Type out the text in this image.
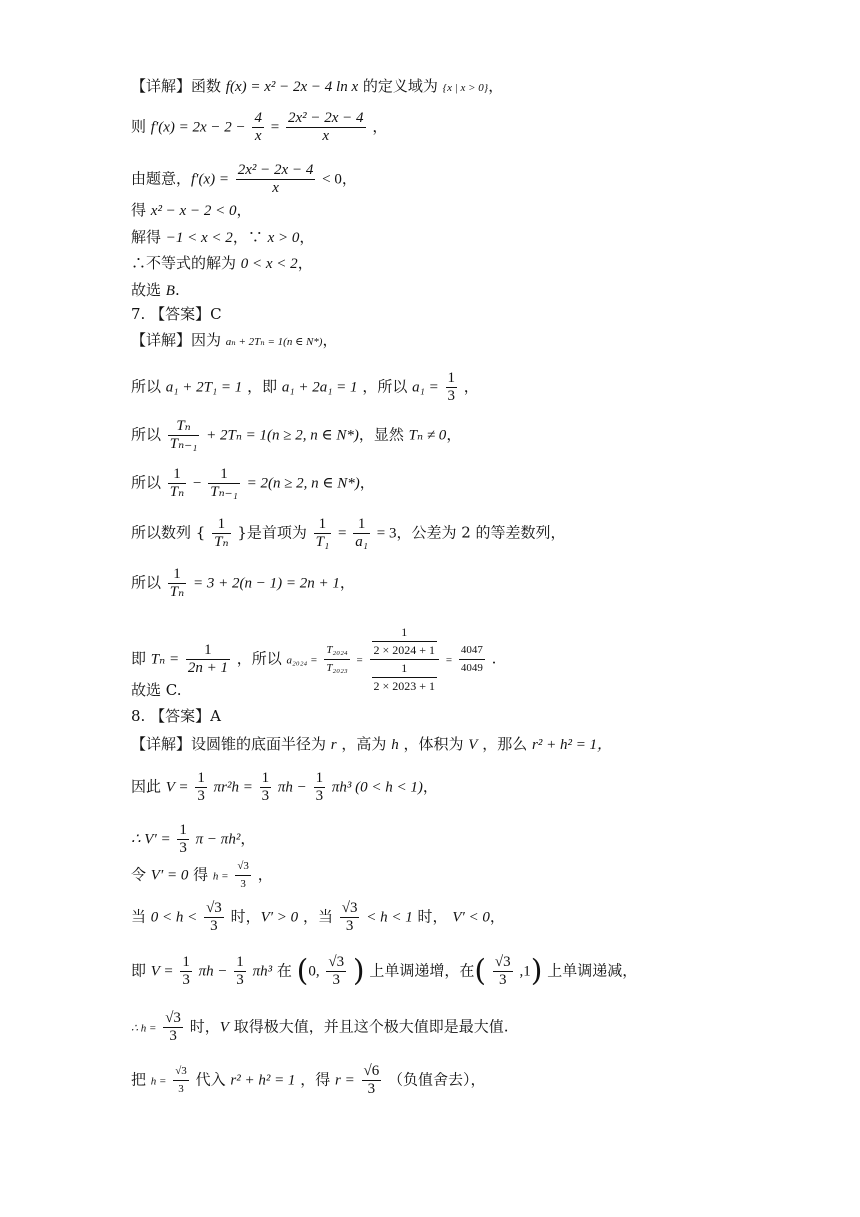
【详解】函数 f(x) = x² − 2x − 4 ln x 的定义域为 {x | x > 0}，
则 $f'(x) = 2x - 2 - \frac{4}{x} = \frac{\text{2x² − 2x − 4}}{x}$ ，
由题意，$f'(x) = \frac{\text{2x² − 2x − 4}}{x} < 0$，
得 x² − x − 2 < 0，
解得 −1 < x < 2，∵ x > 0，
∴不等式的解为 0 < x < 2，
故选 B.
7. 【答案】C
【详解】因为 aₙ + 2Tₙ = 1(n ∈ N*)，
所以 a₁ + 2T₁ = 1 ，即 a₁ + 2a₁ = 1 ，所以 $a_1 = \frac{1}{3}$ ，
所以 $\frac{\text{Tₙ}}{\text{Tₙ₋₁}} + 2T_n = 1(n \ge 2$, n ∈ N*)，显然 Tₙ ≠ 0，
所以 $\frac{1}{\text{Tₙ}} - \frac{1}{\text{Tₙ₋₁}} = 2(n \ge 2$, n ∈ N*)，
所以数列 { $\frac{1}{\text{Tₙ}}$ }是首项为 $\frac{1}{\text{T₁}} = \frac{1}{\text{a₁}} = 3$，公差为 2 的等差数列，
所以 $\frac{1}{\text{Tₙ}} = 3 + 2(n - 1) = 2n + 1$，
即 $T_n = \frac{1}{2n + 1}$ ，所以 $a_{2024} = \frac{\text{T₂₀₂₄}}{\text{T₂₀₂₃}} = \frac{\frac{1}{2 \times 2024 + 1}}{\frac{1}{2 \times 2023 + 1}} = \frac{4047}{4049}$ .
故选 C.
8. 【答案】A
【详解】设圆锥的底面半径为 r ，高为 h ，体积为 V ，那么 r² + h² = 1，
因此 $V = \frac{1}{3} \pi r^2h = \frac{1}{3}$ $\pi h - \frac{1}{3} \pi h^3$ (0 < h < 1)，
∴ $V' = \frac{1}{3}$ π − πh²，
令 V′ = 0 得 $h = \frac{√3}{3}$ ，
当 $0 < h < \frac{√3}{3}$ 时，V′ > 0 ，当 $\frac{√3}{3} < h < 1$ 时， V′ < 0，
即 $V = \frac{1}{3}$ $\pi h - \frac{1}{3} \pi h^3$ 在 (0, $\frac{√3}{3}$ ) 上单调递增，在( $\frac{√3}{3} ,1$) 上单调递减，
∴ $h = \frac{√3}{3}$ 时，V 取得极大值，并且这个极大值即是最大值.
把 $h = \frac{√3}{3}$ 代入 r² + h² = 1 ，得 $r = \frac{√6}{3}$ （负值舍去），
